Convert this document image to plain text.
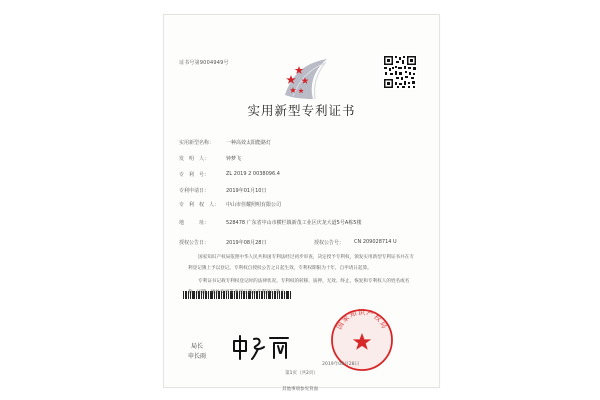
证书号第9004949号
实用新型专利证书
实用新型名称： 一种高效太阳能路灯
发　明　人：	钟梦飞
专　利　号：	ZL 2019 2 0038096.4
专利申请日：	2019年01月10日
专　利　权　人： 中山市佳耀照明有限公司
地　　　址：	528478 广东省中山市横栏镇新茂工业区庆龙大道5号A栋5楼
授权公告日：	2019年08月28日	授权公告号： CN 209028714 U
国家知识产权局依照中华人民共和国专利法经过初步审查，决定授予专利权，颁发实用新型专利证书并在专利登记簿上予以登记。专利权自授权公告之日起生效。专利权期限为十年，自申请日起算。
专利证书记载专利权登记时的法律状况。专利权的转移、质押、无效、终止、恢复和专利权人的姓名或名称、国籍、地址变更等事项记载在专利登记簿上。
局长
申长雨
国家知识产权局
2019年08月28日
第1页（共2页）
其他事项参见背面
